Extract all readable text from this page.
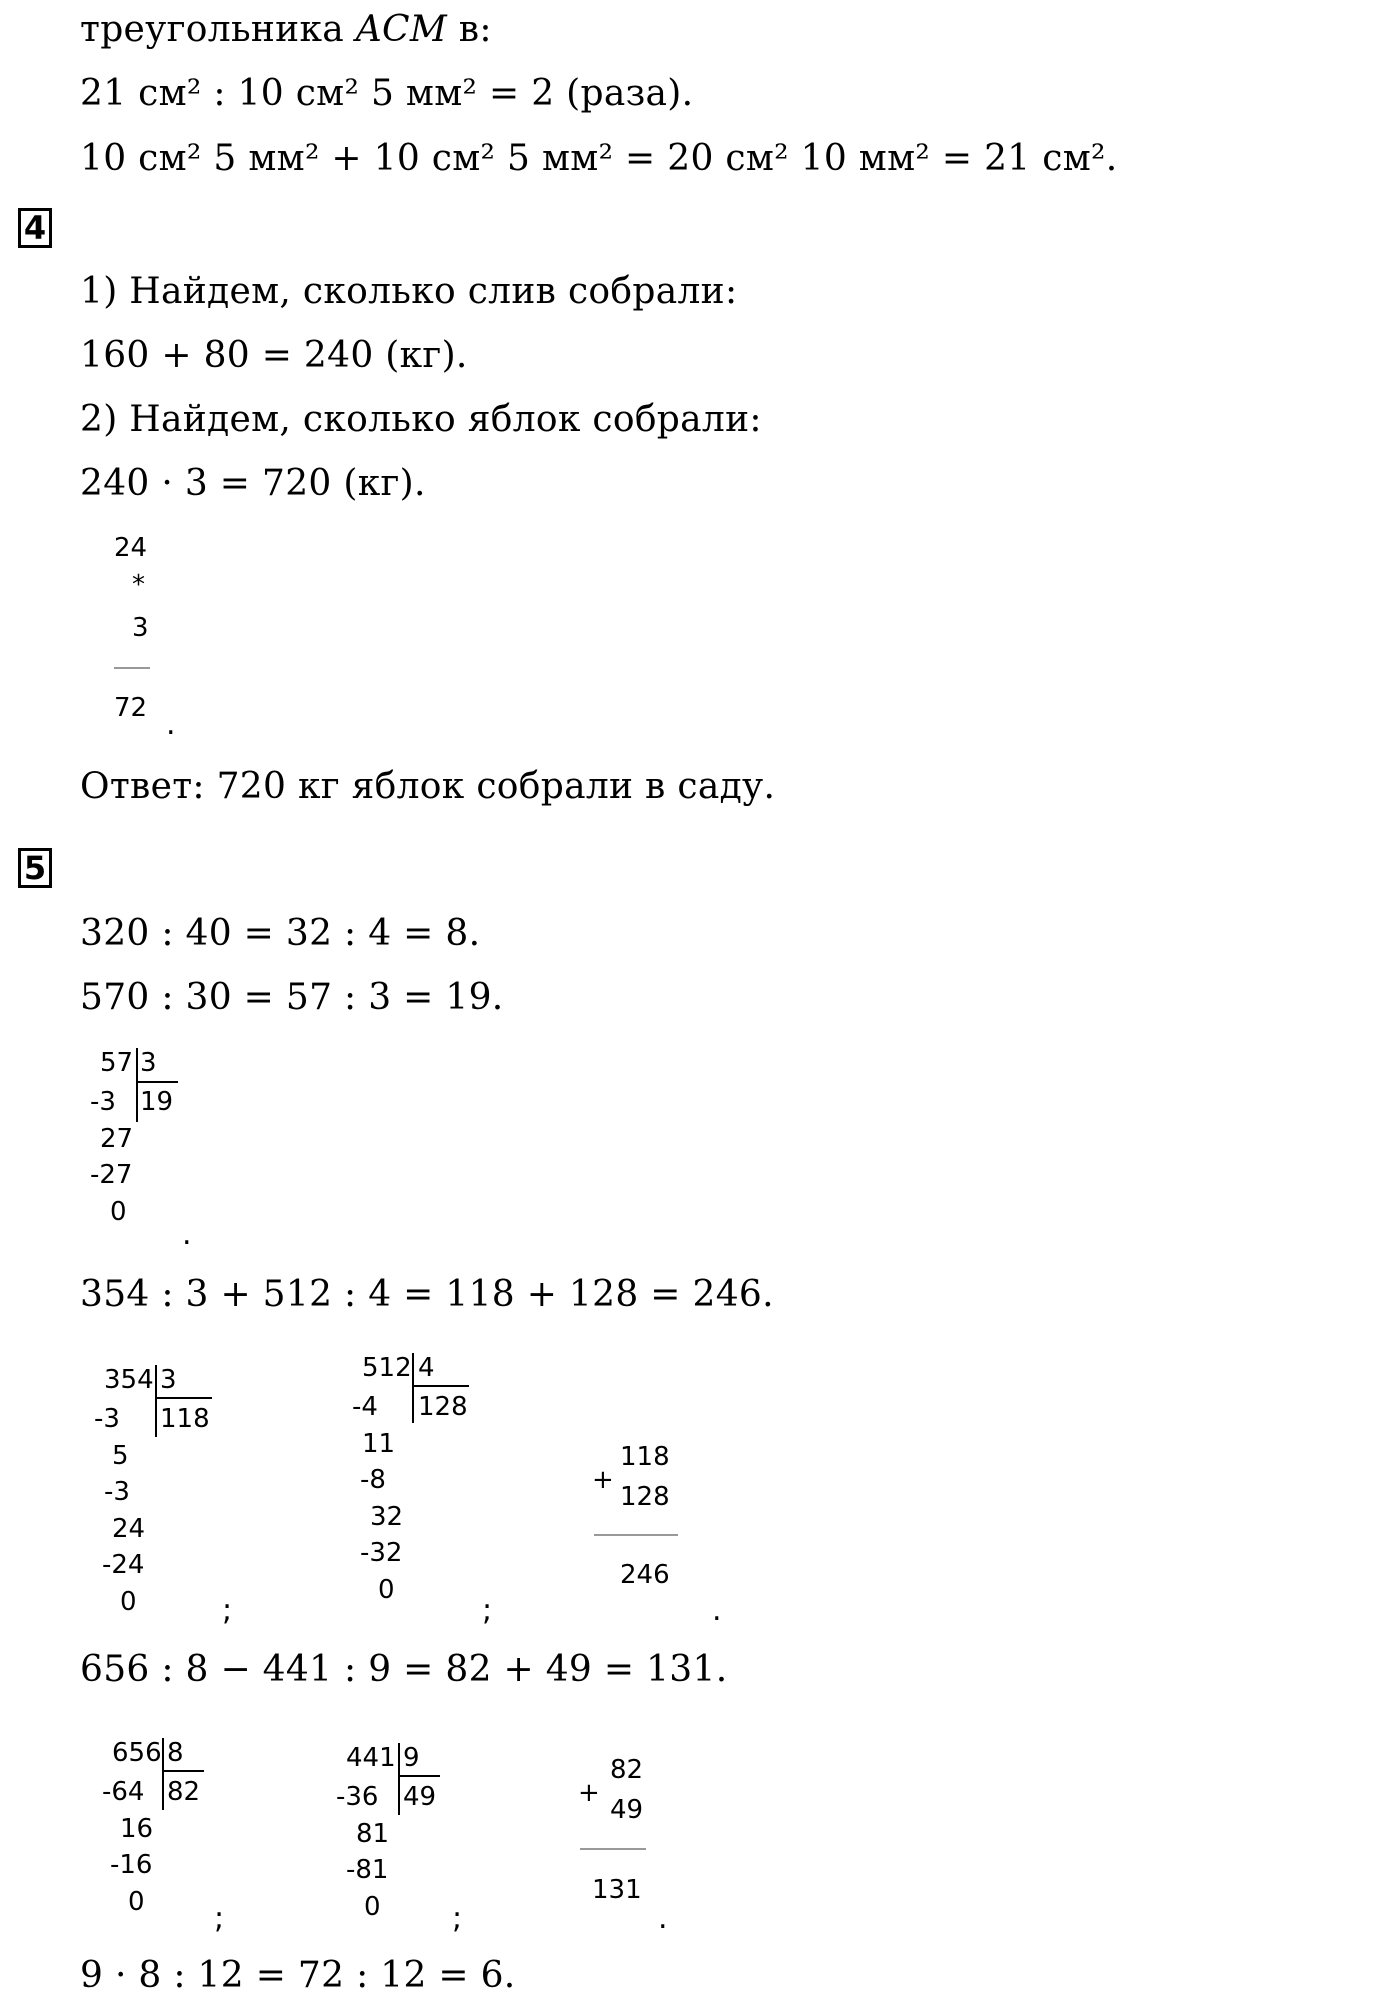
треугольника ACM в:
21 см² : 10 см² 5 мм² = 2 (раза).
10 см² 5 мм² + 10 см² 5 мм² = 20 см² 10 мм² = 21 см².
4
1) Найдем, сколько слив собрали:
160 + 80 = 240 (кг).
2) Найдем, сколько яблок собрали:
240 · 3 = 720 (кг).
24
*
3
72 .
Ответ: 720 кг яблок собрали в саду.
5
320 : 40 = 32 : 4 = 8.
570 : 30 = 57 : 3 = 19.
57 3
19
-3
27
-27
0
.
354 : 3 + 512 : 4 = 118 + 128 = 246.
354 3
118
-3
5
-3
24
-24
0	;
512 4
128
-4
11
-8
32
-32
0
;
+
118
128
246
.
656 : 8 − 441 : 9 = 82 + 49 = 131.
656 8
82
-64
16
-16
0 ;
441 9
49
-36
81
-81
0 ;
+
82
49
131
.
9 · 8 : 12 = 72 : 12 = 6.
